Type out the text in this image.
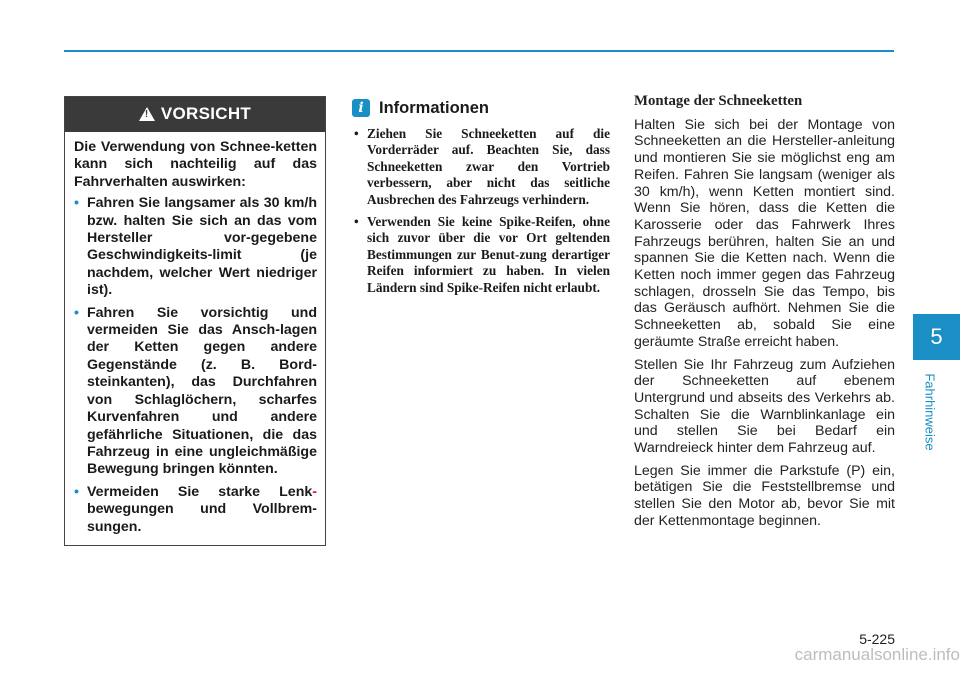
!
VORSICHT

Die Verwendung von Schnee-ketten kann sich nachteilig auf das Fahrverhalten auswirken:

• Fahren Sie langsamer als 30 km/h bzw. halten Sie sich an das vom Hersteller vor-gegebene Geschwindigkeits-limit (je nachdem, welcher Wert niedriger ist).
• Fahren Sie vorsichtig und vermeiden Sie das Ansch-lagen der Ketten gegen andere Gegenstände (z. B. Bord-steinkanten), das Durchfahren von Schlaglöchern, scharfes Kurvenfahren und andere gefährliche Situationen, die das Fahrzeug in eine ungleichmäßige Bewegung bringen könnten.
• Vermeiden Sie starke Lenk- bewegungen und Vollbrem-sungen.
i Informationen
• Ziehen Sie Schneeketten auf die Vorderräder auf. Beachten Sie, dass Schneeketten zwar den Vortrieb verbessern, aber nicht das seitliche Ausbrechen des Fahrzeugs verhindern.
• Verwenden Sie keine Spike-Reifen, ohne sich zuvor über die vor Ort geltenden Bestimmungen zur Benut-zung derartiger Reifen informiert zu haben. In vielen Ländern sind Spike-Reifen nicht erlaubt.
Montage der Schneeketten

Halten Sie sich bei der Montage von Schneeketten an die Hersteller-anleitung und montieren Sie sie möglichst eng am Reifen. Fahren Sie langsam (weniger als 30 km/h), wenn Ketten montiert sind. Wenn Sie hören, dass die Ketten die Karosserie oder das Fahrwerk Ihres Fahrzeugs berühren, halten Sie an und spannen Sie die Ketten nach. Wenn die Ketten noch immer gegen das Fahrzeug schlagen, drosseln Sie das Tempo, bis das Geräusch aufhört. Nehmen Sie die Schneeketten ab, sobald Sie eine geräumte Straße erreicht haben.

Stellen Sie Ihr Fahrzeug zum Aufziehen der Schneeketten auf ebenem Untergrund und abseits des Verkehrs ab. Schalten Sie die Warnblinkanlage ein und stellen Sie bei Bedarf ein Warndreieck hinter dem Fahrzeug auf.

Legen Sie immer die Parkstufe (P) ein, betätigen Sie die Feststellbremse und stellen Sie den Motor ab, bevor Sie mit der Kettenmontage beginnen.

5
Fahrhinweise
5-225
carmanualsonline.info
